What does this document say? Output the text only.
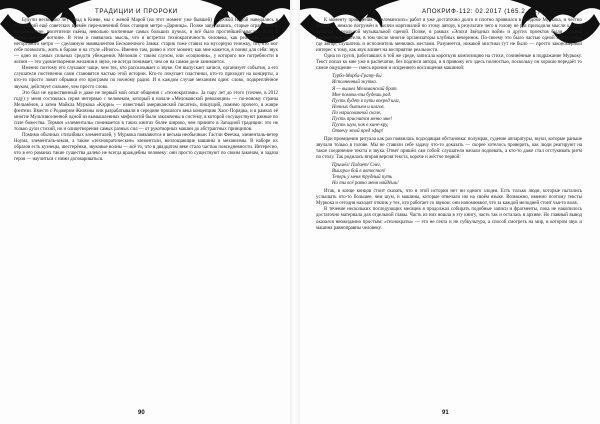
ТРАДИЦИИ И ПРОРОКИ

Будучи несколько лет назад в Киеве, мы с женой Марой (на этот момент уже бывшей) и дочкой Норой наведались в отстающий ещё советских времён пере-влечений блок станции метро «Дарница». Позже запутавшись, старые ограничения, прорежевение, посетители пьёны, невольно чисченные самых больших пучеах, и всё было простейшей мыслью жить в коммунальной вотчине. В этом и появилась мысль, что я встретил технократичность человека, как реальная станция неторгового метро — сделанную эквивалентом Бесконечного Замка: старик тоже ставил на мусорную тележку, тот, кто мог себе позволить, жить в бараке и на стуле «Иного». Именно там, ровно в этот момент, как мне кажется, я понял для себя: звук — одно из самых сильных средств убеждения. Меломан с таким слухом, или «соционик», у которого все потребности в жизни — это удовлетворение желания в звуке, не всегда понимает, чем он на самом деле занимается.

Именно поэтому его слушают чаще, чем тех, кто рассказывает о звуке. Он выпускает записи, организует события, а его слушатели постепенно сами становятся частью этой истории. Кто-то покупает пластинки, кто-то приходит на концерты, а кто-то просто ловит обрывки его программ по ночному радио. И в каждом случае механизм один: слово, подкреплённое звуком, действует сильнее, чем просто слово.

Это был не единственный и даже не первый мой опыт общения с «технократами». За пару лет до этого (точнее, в 2012 году) у меня состоялась серия интервью с человеком, который в начале «Меломанской революции» — по-новому страны Мельмёнов, а затем Майкла Муркока «Кэрри» — известный американский писатель, пишущий, помимо прочего, в жанре фэнтези. Вместе с Роджером Желязны они разрабатывали в середине прошлого века концепцию Хаос-Порядка, и в рамках её многие Мультивселенной одной из вымышленных мифологий были заключены в систему, в которой сосуществуют равные по силе божества. Термин «элементаль» понимается в таких книгах более широко, чем принято в Западной традиции: это не только духи стихий, но и олицетворения самых разных сил — от рукотворных машин до абстрактных принципов.

Помимо обычных стихийных элементалей, у Муркока появляются и весьма необычные: Гастли Феечка, элементаль-ветер Ноума, элементаль-земля, а также «технократические» элементали, воплощающие машины и механизмы. В наборе их образов есть кузнецы, шестерёнки, звуковые волны — всё то, что в двадцатом веке стало частью повседневности. Интересно, что в его романах такие существа далеко не всегда враждебны человеку: они просто существуют по своим законам, и задача героя — научиться с ними договариваться.

90
АПОКРИФ-112: 02.2017 (165.2 кл.)

К моменту проведения «Меломанских» работ я уже достаточно долго и плотно проявился в фандоме Муркока, и честно говоря — немало погружён в тысячи маргиналий по этому автору, в результате чего в голову не раз приходили мысли о связи романов с реальной музыкальной сценой. Позже, в рамках «Эпохи Звёздных войн» и других проектов были созданы неизвестные деятели, в том числе многие организаторы клубных вечеринок. По-своему это было частью одной экосистемы, где автор, слушатель и исполнитель менялись местами. Разумеется, никакой мистики тут не было — просто закономерный интерес к тому, как звук влияет на восприятие реальности.

Одна из групп, работавших в той же среде, записала короткую композицию на стихи, сочинённые в подражание Муркоку. Текст попал ко мне уже в распечатке, без подписи автора, и я привожу его здесь полностью, поскольку он хорошо передаёт то самое ощущение — смесь иронии и искреннего восхищения машиной:

Турбо-Марба-Грату-бы
Исполненный жутко.
Я — вышел Меломанский брат.
Мне помочь-ты будешь рад.
Пусть будет в пути вперед шаг,
Ночных бытьем и шагов.
По нарисованной скале,
Пусть приснится меню мне!
Пусть шум, как в кине-кру,
Отвечу этой пред эфир!

При проведении ритуала как раз появилась подходящая обстановка: полумрак, гудение аппаратуры, звуки, которые раньше звучали только в голове. Мы не ставили себе задачу что-то доказать — скорее хотелось проверить, как люди реагируют на такое соединение текста и звука. Ответ пришёл сам собой: слушатели начали подпевать, а кто-то даже стал отстукивать ритм по столу. Так родилась вторая версия текста, короче и жёстче первой:

Пришёл/ Падает/ Снег,
Выиграл бой в автостоп!
Теперь у меня трудный путь
Но ты всё равно меня найдёшь!

Итак, в конце концов стоит сказать, что в этой истории нет ни одного злодея. Есть только люди, которые пытались услышать что-то большее, чем шум, и машины, которые отвечали им на своём языке. Возможно, именно поэтому тексты Муркока и сегодня находят отклик у тех, кто работает со звуком: они напоминают, что за каждой мелодией стоит чья-то воля.

В течение нескольких последующих месяцев я продолжал собирать подобные записи и фрагменты, пока не накопилось достаточно материала для отдельной главы. Часть из них вошла в эту книгу, часть так и осталась в архиве. Но главный вывод оказался неожиданно простым: «технократы» — это не секта и не субкультура, а способ смотреть на мир, в котором звук и машина равноправны человеку.

91
